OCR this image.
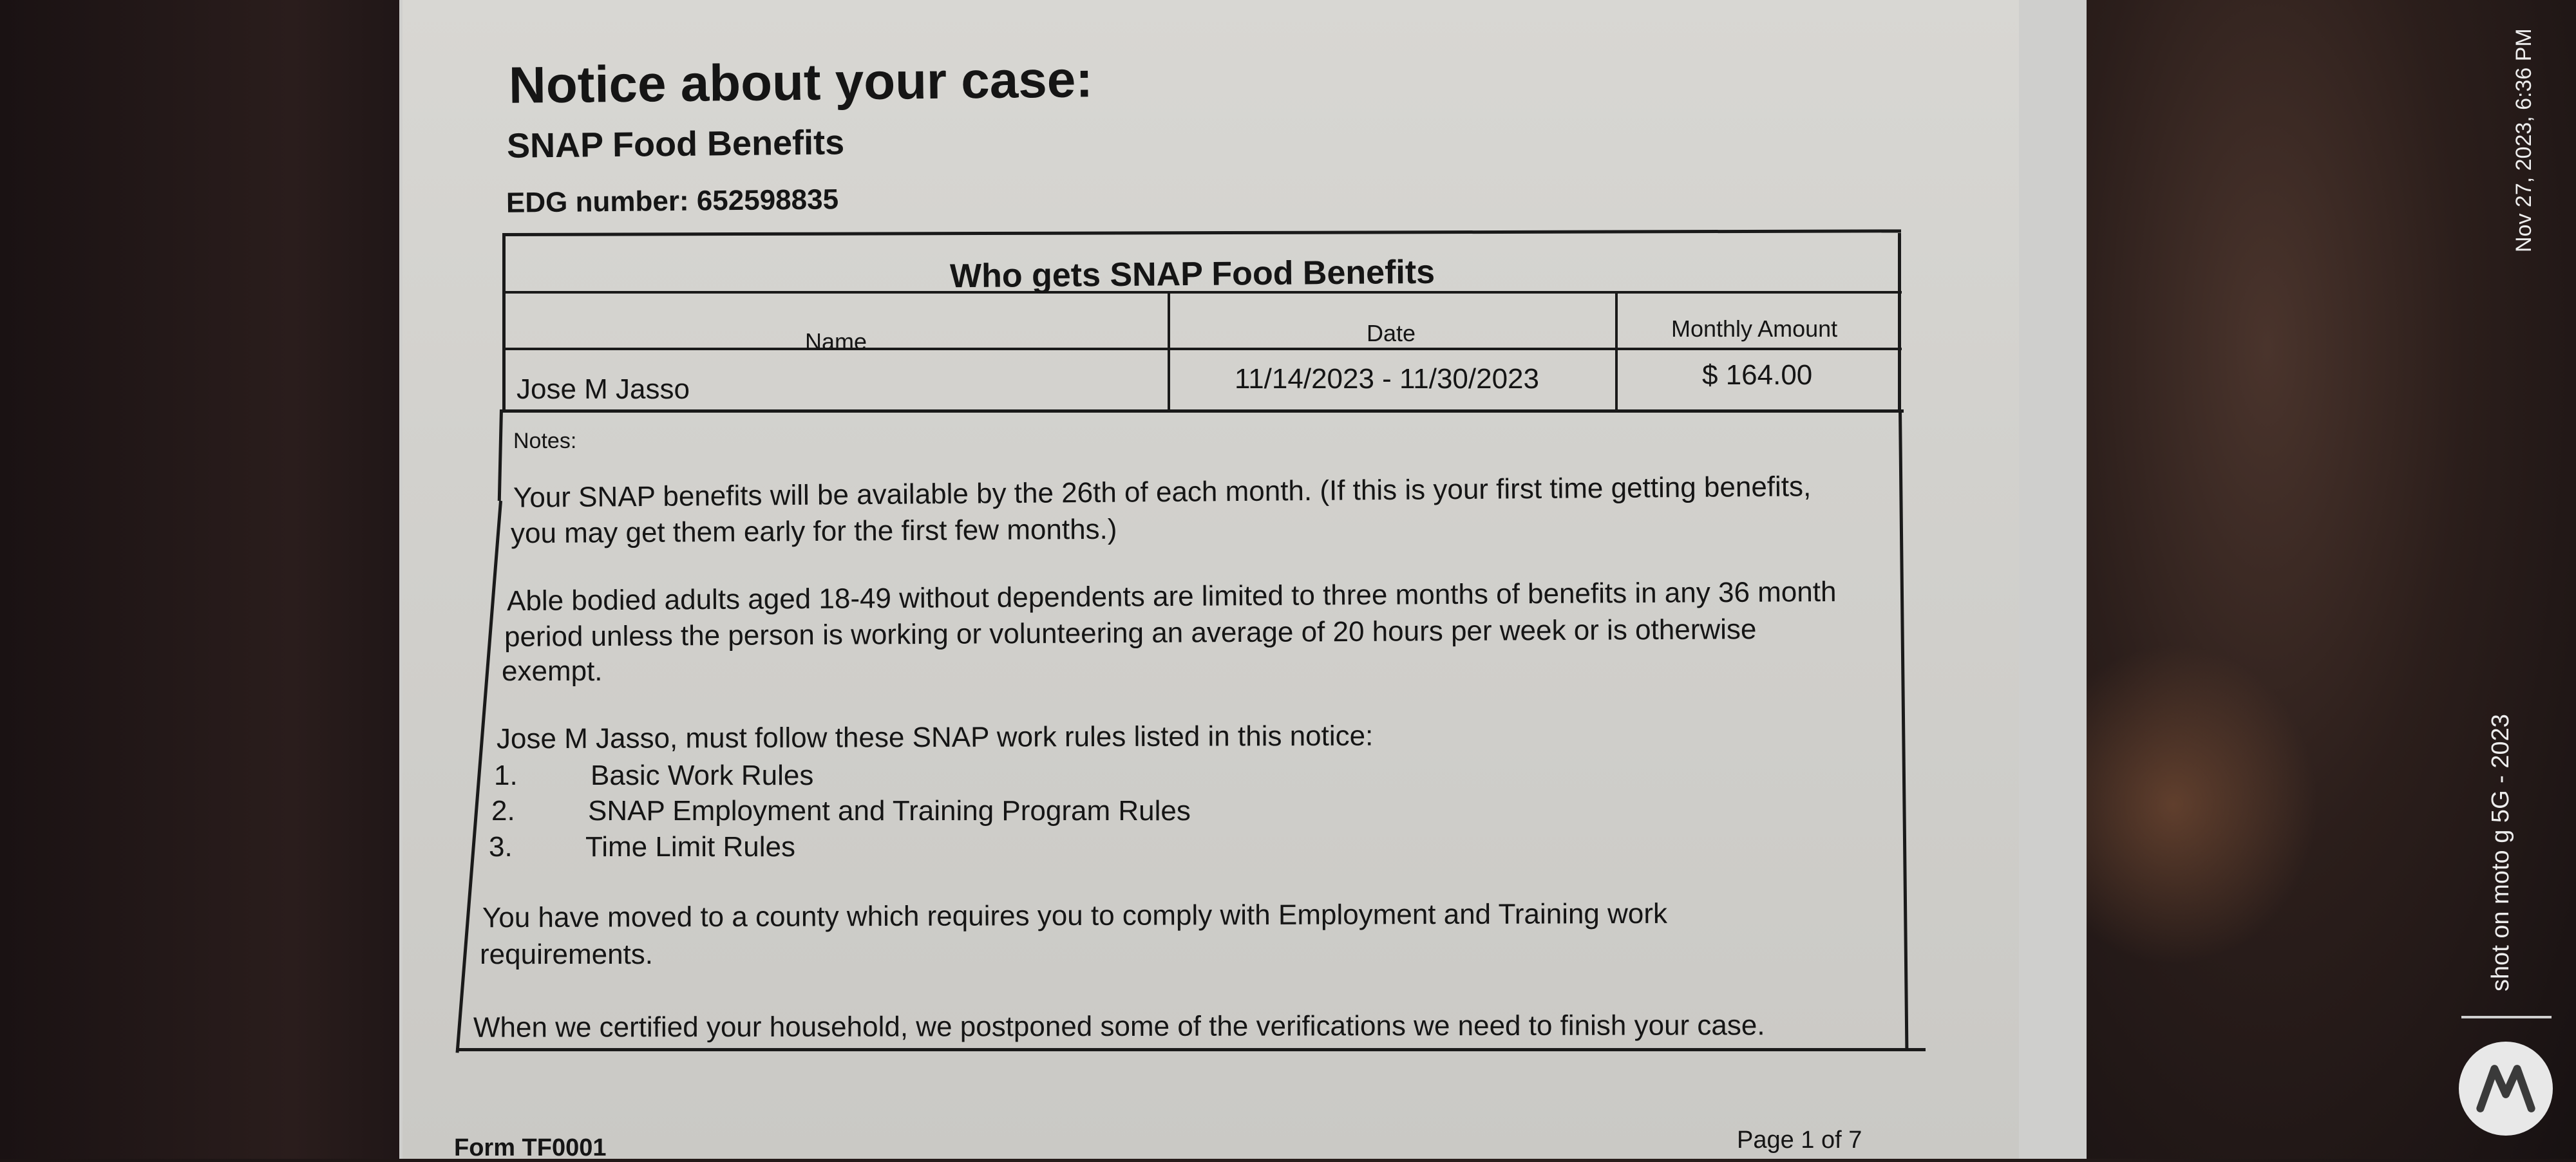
Notice about your case:
SNAP Food Benefits
EDG number: 652598835
Who gets SNAP Food Benefits
Name	Date	Monthly Amount
Jose M Jasso	11/14/2023 - 11/30/2023	$ 164.00
Notes:
Your SNAP benefits will be available by the 26th of each month. (If this is your first time getting benefits,
you may get them early for the first few months.)
Able bodied adults aged 18-49 without dependents are limited to three months of benefits in any 36 month
period unless the person is working or volunteering an average of 20 hours per week or is otherwise
exempt.
Jose M Jasso, must follow these SNAP work rules listed in this notice:
1.	Basic Work Rules
2.	SNAP Employment and Training Program Rules
3.	Time Limit Rules
You have moved to a county which requires you to comply with Employment and Training work
requirements.
When we certified your household, we postponed some of the verifications we need to finish your case.
Form TF0001	Page 1 of 7
Nov 27, 2023, 6:36 PM
shot on moto g 5G - 2023
